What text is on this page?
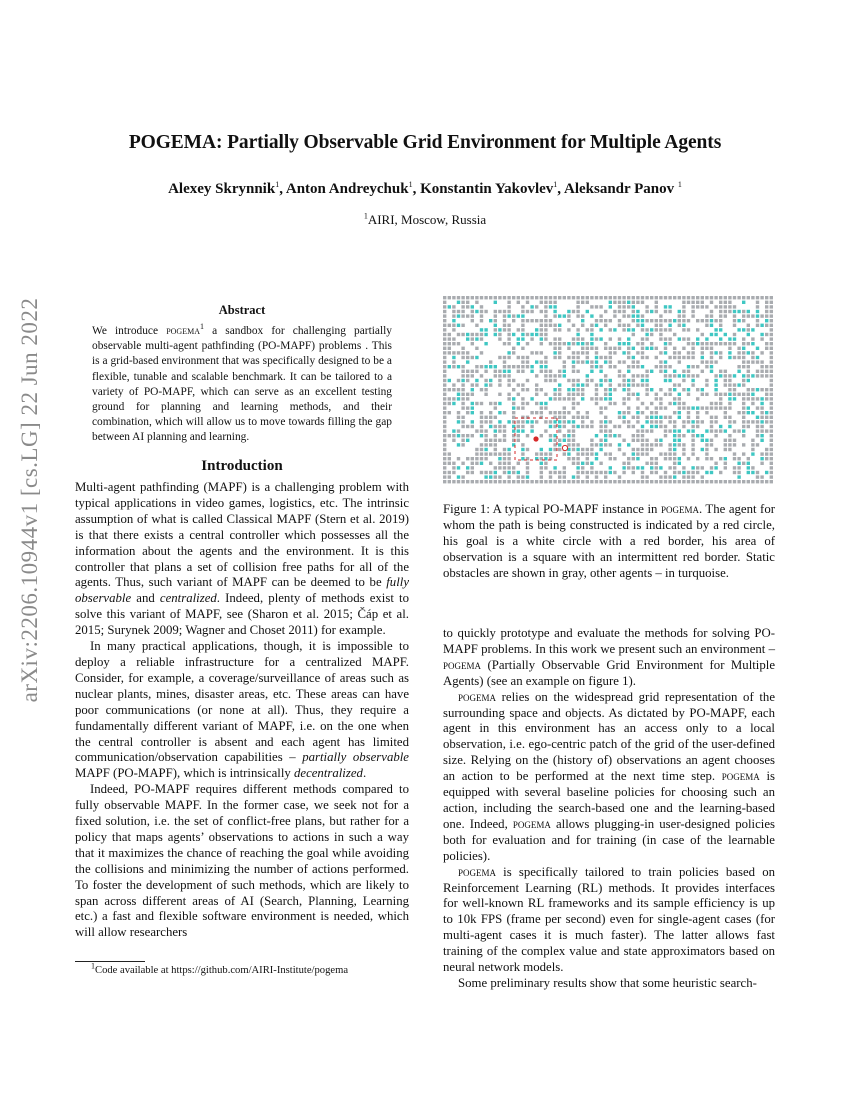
arXiv:2206.10944v1 [cs.LG] 22 Jun 2022
POGEMA: Partially Observable Grid Environment for Multiple Agents
Alexey Skrynnik$^1$, Anton Andreychuk$^1$, Konstantin Yakovlev$^1$, Aleksandr Panov $^1$
$^1$AIRI, Moscow, Russia
Abstract
We introduce pogema$^1$ a sandbox for challenging partially observable multi-agent pathfinding (PO-MAPF) problems . This is a grid-based environment that was specifically designed to be a flexible, tunable and scalable benchmark. It can be tailored to a variety of PO-MAPF, which can serve as an excellent testing ground for planning and learning methods, and their combination, which will allow us to move towards filling the gap between AI planning and learning.
Introduction

Multi-agent pathfinding (MAPF) is a challenging problem with typical applications in video games, logistics, etc. The intrinsic assumption of what is called Classical MAPF (Stern et al. 2019) is that there exists a central controller which possesses all the information about the agents and the environment. It is this controller that plans a set of collision free paths for all of the agents. Thus, such variant of MAPF can be deemed to be fully observable and centralized. Indeed, plenty of methods exist to solve this variant of MAPF, see (Sharon et al. 2015; Čáp et al. 2015; Surynek 2009; Wagner and Choset 2011) for example.

In many practical applications, though, it is impossible to deploy a reliable infrastructure for a centralized MAPF. Consider, for example, a coverage/surveillance of areas such as nuclear plants, mines, disaster areas, etc. These areas can have poor communications (or none at all). Thus, they require a fundamentally different variant of MAPF, i.e. on the one when the central controller is absent and each agent has limited communication/observation capabilities – partially observable MAPF (PO-MAPF), which is intrinsically decentralized.

Indeed, PO-MAPF requires different methods compared to fully observable MAPF. In the former case, we seek not for a fixed solution, i.e. the set of conflict-free plans, but rather for a policy that maps agents’ observations to actions in such a way that it maximizes the chance of reaching the goal while avoiding the collisions and minimizing the number of actions performed. To foster the development of such methods, which are likely to span across different areas of AI (Search, Planning, Learning etc.) a fast and flexible software environment is needed, which will allow researchers

$^1$Code available at https://github.com/AIRI-Institute/pogema
Figure 1: A typical PO-MAPF instance in pogema. The agent for whom the path is being constructed is indicated by a red circle, his goal is a white circle with a red border, his area of observation is a square with an intermittent red border. Static obstacles are shown in gray, other agents – in turquoise.

to quickly prototype and evaluate the methods for solving PO-MAPF problems. In this work we present such an environment – pogema (Partially Observable Grid Environment for Multiple Agents) (see an example on figure 1).

pogema relies on the widespread grid representation of the surrounding space and objects. As dictated by PO-MAPF, each agent in this environment has an access only to a local observation, i.e. ego-centric patch of the grid of the user-defined size. Relying on the (history of) observations an agent chooses an action to be performed at the next time step. pogema is equipped with several baseline policies for choosing such an action, including the search-based one and the learning-based one. Indeed, pogema allows plugging-in user-designed policies both for evaluation and for training (in case of the learnable policies).

pogema is specifically tailored to train policies based on Reinforcement Learning (RL) methods. It provides interfaces for well-known RL frameworks and its sample efficiency is up to 10k FPS (frame per second) even for single-agent cases (for multi-agent cases it is much faster). The latter allows fast training of the complex value and state approximators based on neural network models.

Some preliminary results show that some heuristic search-
